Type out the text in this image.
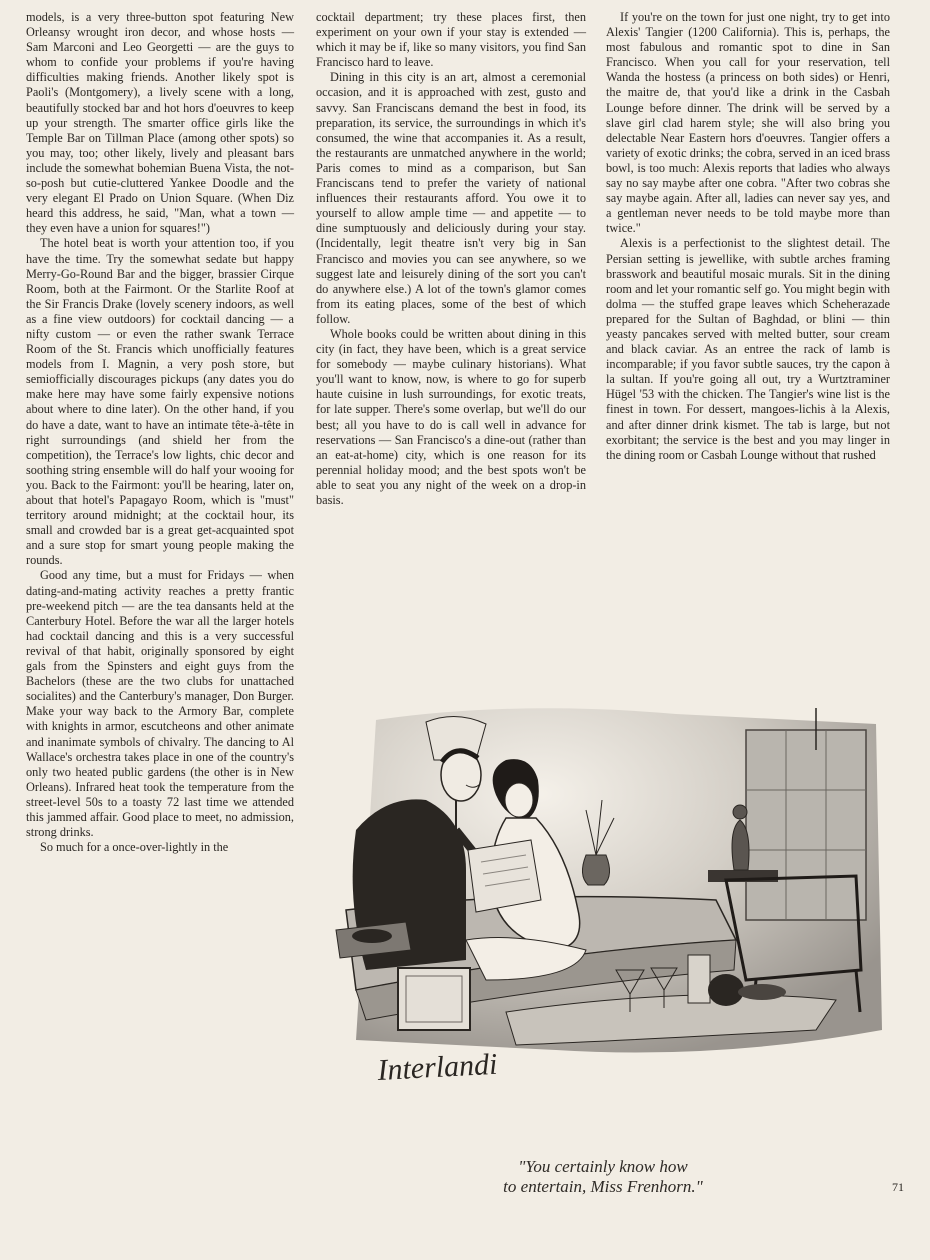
models, is a very three-button spot featuring New Orleansy wrought iron decor, and whose hosts — Sam Marconi and Leo Georgetti — are the guys to whom to confide your problems if you're having difficulties making friends. Another likely spot is Paoli's (Montgomery), a lively scene with a long, beautifully stocked bar and hot hors d'oeuvres to keep up your strength. The smarter office girls like the Temple Bar on Tillman Place (among other spots) so you may, too; other likely, lively and pleasant bars include the somewhat bohemian Buena Vista, the not-so-posh but cutie-cluttered Yankee Doodle and the very elegant El Prado on Union Square. (When Diz heard this address, he said, "Man, what a town — they even have a union for squares!")

The hotel beat is worth your attention too, if you have the time. Try the somewhat sedate but happy Merry-Go-Round Bar and the bigger, brassier Cirque Room, both at the Fairmont. Or the Starlite Roof at the Sir Francis Drake (lovely scenery indoors, as well as a fine view outdoors) for cocktail dancing — a nifty custom — or even the rather swank Terrace Room of the St. Francis which unofficially features models from I. Magnin, a very posh store, but semiofficially discourages pickups (any dates you do make here may have some fairly expensive notions about where to dine later). On the other hand, if you do have a date, want to have an intimate tête-à-tête in right surroundings (and shield her from the competition), the Terrace's low lights, chic decor and soothing string ensemble will do half your wooing for you. Back to the Fairmont: you'll be hearing, later on, about that hotel's Papagayo Room, which is "must" territory around midnight; at the cocktail hour, its small and crowded bar is a great get-acquainted spot and a sure stop for smart young people making the rounds.

Good any time, but a must for Fridays — when dating-and-mating activity reaches a pretty frantic pre-weekend pitch — are the tea dansants held at the Canterbury Hotel. Before the war all the larger hotels had cocktail dancing and this is a very successful revival of that habit, originally sponsored by eight gals from the Spinsters and eight guys from the Bachelors (these are the two clubs for unattached socialites) and the Canterbury's manager, Don Burger. Make your way back to the Armory Bar, complete with knights in armor, escutcheons and other animate and inanimate symbols of chivalry. The dancing to Al Wallace's orchestra takes place in one of the country's only two heated public gardens (the other is in New Orleans). Infrared heat took the temperature from the street-level 50s to a toasty 72 last time we attended this jammed affair. Good place to meet, no admission, strong drinks.

So much for a once-over-lightly in the

cocktail department; try these places first, then experiment on your own if your stay is extended — which it may be if, like so many visitors, you find San Francisco hard to leave.

Dining in this city is an art, almost a ceremonial occasion, and it is approached with zest, gusto and savvy. San Franciscans demand the best in food, its preparation, its service, the surroundings in which it's consumed, the wine that accompanies it. As a result, the restaurants are unmatched anywhere in the world; Paris comes to mind as a comparison, but San Franciscans tend to prefer the variety of national influences their restaurants afford. You owe it to yourself to allow ample time — and appetite — to dine sumptuously and deliciously during your stay. (Incidentally, legit theatre isn't very big in San Francisco and movies you can see anywhere, so we suggest late and leisurely dining of the sort you can't do anywhere else.) A lot of the town's glamor comes from its eating places, some of the best of which follow.

Whole books could be written about dining in this city (in fact, they have been, which is a great service for somebody — maybe culinary historians). What you'll want to know, now, is where to go for superb haute cuisine in lush surroundings, for exotic treats, for late supper. There's some overlap, but we'll do our best; all you have to do is call well in advance for reservations — San Francisco's a dine-out (rather than an eat-at-home) city, which is one reason for its perennial holiday mood; and the best spots won't be able to seat you any night of the week on a drop-in basis.

If you're on the town for just one night, try to get into Alexis' Tangier (1200 California). This is, perhaps, the most fabulous and romantic spot to dine in San Francisco. When you call for your reservation, tell Wanda the hostess (a princess on both sides) or Henri, the maitre de, that you'd like a drink in the Casbah Lounge before dinner. The drink will be served by a slave girl clad harem style; she will also bring you delectable Near Eastern hors d'oeuvres. Tangier offers a variety of exotic drinks; the cobra, served in an iced brass bowl, is too much: Alexis reports that ladies who always say no say maybe after one cobra. "After two cobras she say maybe again. After all, ladies can never say yes, and a gentleman never needs to be told maybe more than twice."

Alexis is a perfectionist to the slightest detail. The Persian setting is jewellike, with subtle arches framing brasswork and beautiful mosaic murals. Sit in the dining room and let your romantic self go. You might begin with dolma — the stuffed grape leaves which Scheherazade prepared for the Sultan of Baghdad, or blini — thin yeasty pancakes served with melted butter, sour cream and black caviar. As an entree the rack of lamb is incomparable; if you favor subtle sauces, try the capon à la sultan. If you're going all out, try a Wurtztraminer Hügel '53 with the chicken. The Tangier's wine list is the finest in town. For dessert, mangoes-lichis à la Alexis, and after dinner drink kismet. The tab is large, but not exorbitant; the service is the best and you may linger in the dining room or Casbah Lounge without that rushed

Interlandi
"You certainly know how
to entertain, Miss Frenhorn."	71
